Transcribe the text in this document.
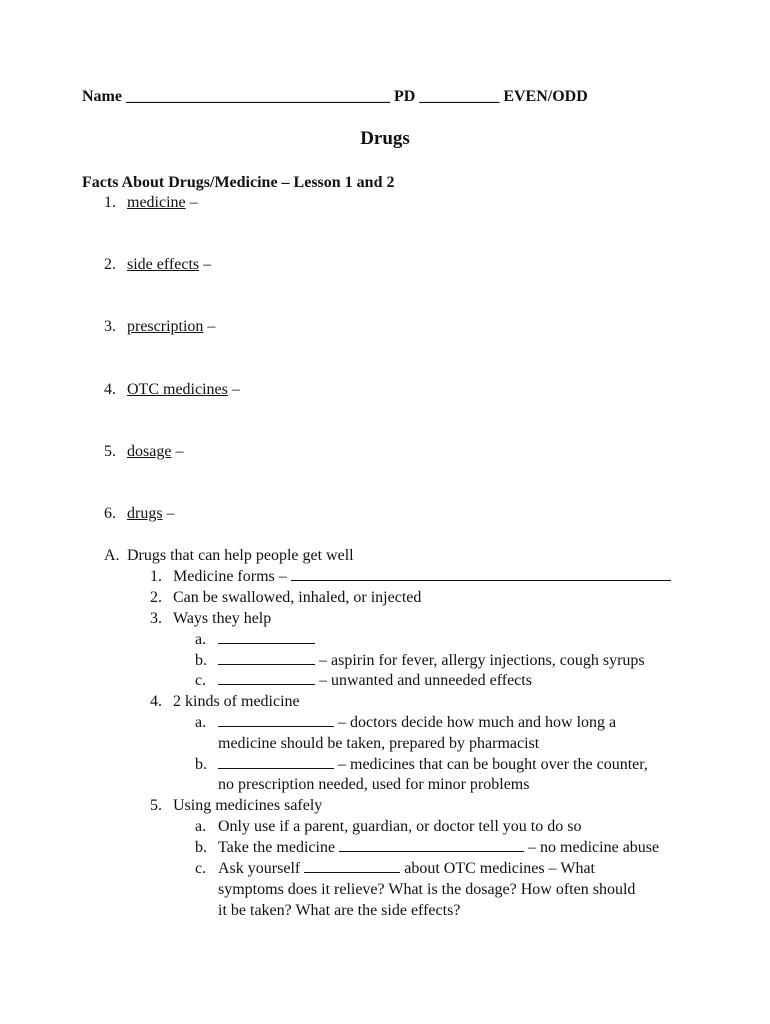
Name _________________________________ PD __________ EVEN/ODD
Drugs
Facts About Drugs/Medicine – Lesson 1 and 2
1. medicine –
2. side effects –
3. prescription –
4. OTC medicines –
5. dosage –
6. drugs –
A. Drugs that can help people get well
1. Medicine forms –
2. Can be swallowed, inhaled, or injected
3. Ways they help
a.
b.	– aspirin for fever, allergy injections, cough syrups
c.	– unwanted and unneeded effects
4. 2 kinds of medicine
a.	– doctors decide how much and how long a
medicine should be taken, prepared by pharmacist
b.	– medicines that can be bought over the counter,
no prescription needed, used for minor problems
5. Using medicines safely
a. Only use if a parent, guardian, or doctor tell you to do so
b. Take the medicine	– no medicine abuse
c. Ask yourself	about OTC medicines – What
symptoms does it relieve? What is the dosage? How often should
it be taken? What are the side effects?
